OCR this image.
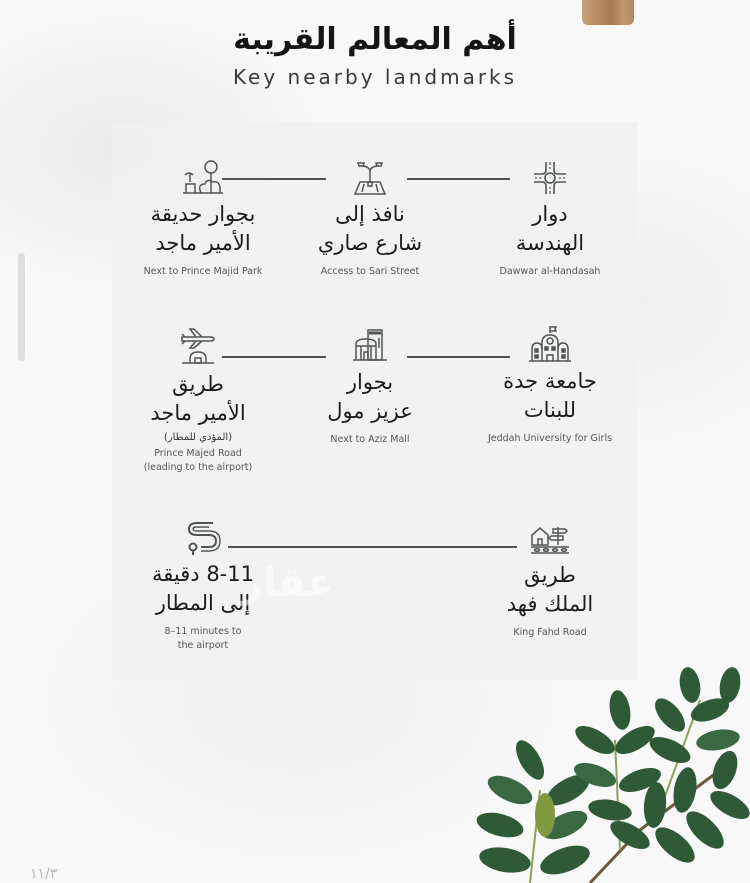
أهم المعالم القريبة
Key nearby landmarks
دوار
الهندسة
Dawwar al-Handasah
نافذ إلى
شارع صاري
Access to Sari Street
بجوار حديقة
الأمير ماجد
Next to Prince Majid Park
جامعة جدة
للبنات
Jeddah University for Girls
بجوار
عزيز مول
Next to Aziz Mall
طريق
الأمير ماجد
(المؤدي للمطار)
Prince Majed Road
(leading to the airport)
طريق
الملك فهد
King Fahd Road
8-11 دقيقة
إلى المطار
8–11 minutes to
the airport
عقار
١١/٣
